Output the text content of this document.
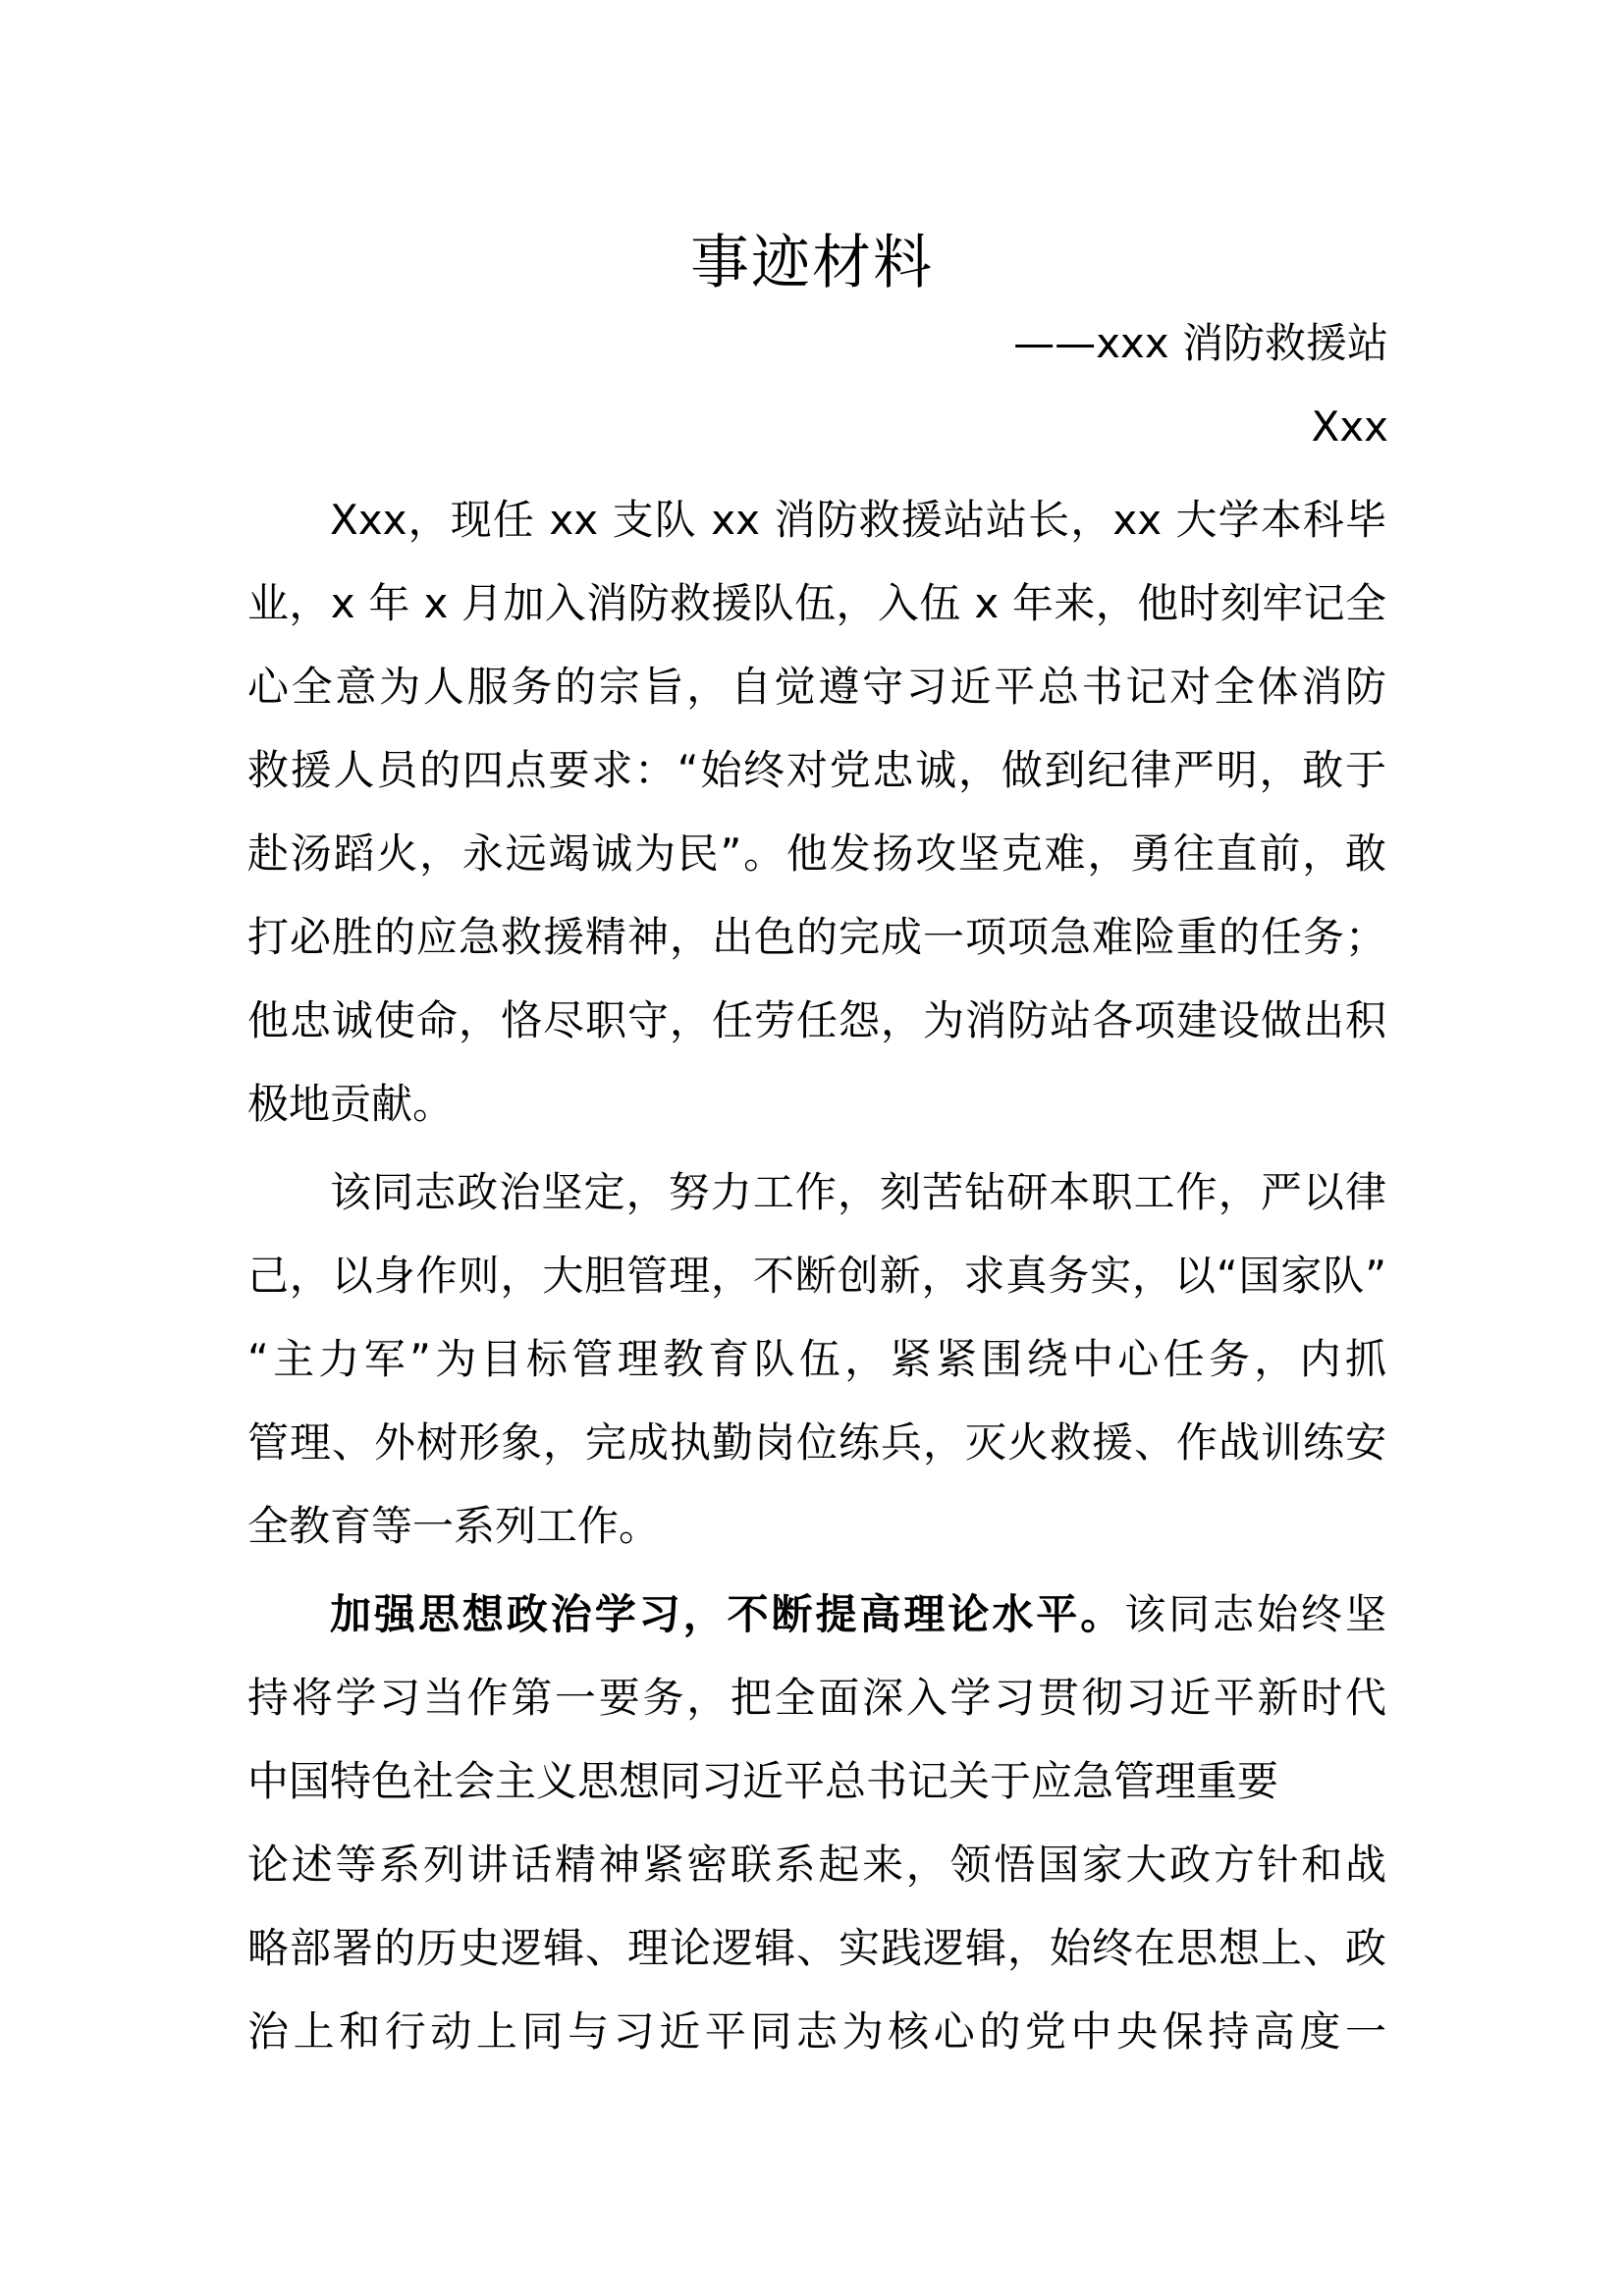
事迹材料
——xxx 消防救援站
Xxx
Xxx，现任 xx 支队 xx 消防救援站站长，xx 大学本科毕
业，x 年 x 月加入消防救援队伍，入伍 x 年来，他时刻牢记全
心全意为人服务的宗旨，自觉遵守习近平总书记对全体消防
救援人员的四点要求：“始终对党忠诚，做到纪律严明，敢于
赴汤蹈火，永远竭诚为民”。他发扬攻坚克难，勇往直前，敢
打必胜的应急救援精神，出色的完成一项项急难险重的任务；
他忠诚使命，恪尽职守，任劳任怨，为消防站各项建设做出积
极地贡献。
该同志政治坚定，努力工作，刻苦钻研本职工作，严以律
己，以身作则，大胆管理，不断创新，求真务实，以“国家队”
“主力军”为目标管理教育队伍，紧紧围绕中心任务，内抓
管理、外树形象，完成执勤岗位练兵，灭火救援、作战训练安
全教育等一系列工作。
加强思想政治学习，不断提高理论水平。该同志始终坚
持将学习当作第一要务，把全面深入学习贯彻习近平新时代
中国特色社会主义思想同习近平总书记关于应急管理重要
论述等系列讲话精神紧密联系起来，领悟国家大政方针和战
略部署的历史逻辑、理论逻辑、实践逻辑，始终在思想上、政
治上和行动上同与习近平同志为核心的党中央保持高度一
